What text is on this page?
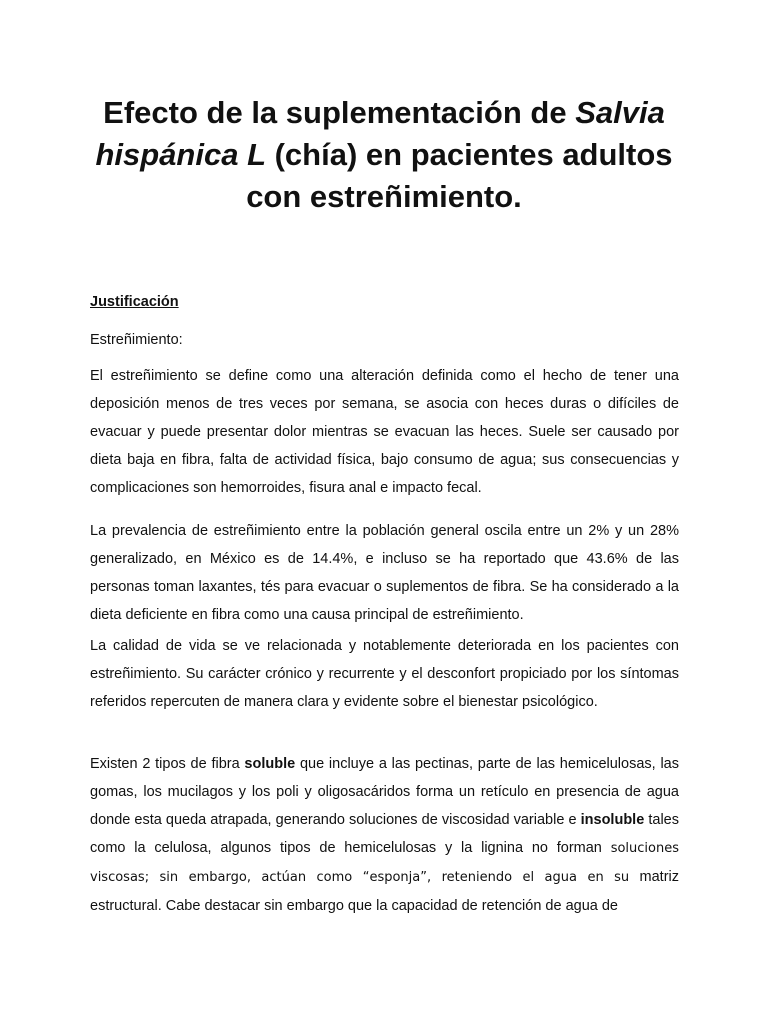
Efecto de la suplementación de Salvia hispánica L (chía) en pacientes adultos con estreñimiento.
Justificación

Estreñimiento:

El estreñimiento se define como una alteración definida como el hecho de tener una deposición menos de tres veces por semana, se asocia con heces duras o difíciles de evacuar y puede presentar dolor mientras se evacuan las heces. Suele ser causado por dieta baja en fibra, falta de actividad física, bajo consumo de agua; sus consecuencias y complicaciones son hemorroides, fisura anal e impacto fecal.

La prevalencia de estreñimiento entre la población general oscila entre un 2% y un 28% generalizado, en México es de 14.4%, e incluso se ha reportado que 43.6% de las personas toman laxantes, tés para evacuar o suplementos de fibra. Se ha considerado a la dieta deficiente en fibra como una causa principal de estreñimiento.

La calidad de vida se ve relacionada y notablemente deteriorada en los pacientes con estreñimiento. Su carácter crónico y recurrente y el desconfort propiciado por los síntomas referidos repercuten de manera clara y evidente sobre el bienestar psicológico.

Existen 2 tipos de fibra soluble que incluye a las pectinas, parte de las hemicelulosas, las gomas, los mucilagos y los poli y oligosacáridos forma un retículo en presencia de agua donde esta queda atrapada, generando soluciones de viscosidad variable e insoluble tales como la celulosa, algunos tipos de hemicelulosas y la lignina no forman soluciones viscosas; sin embargo, actúan como “esponja”, reteniendo el agua en su matriz estructural. Cabe destacar sin embargo que la capacidad de retención de agua de
